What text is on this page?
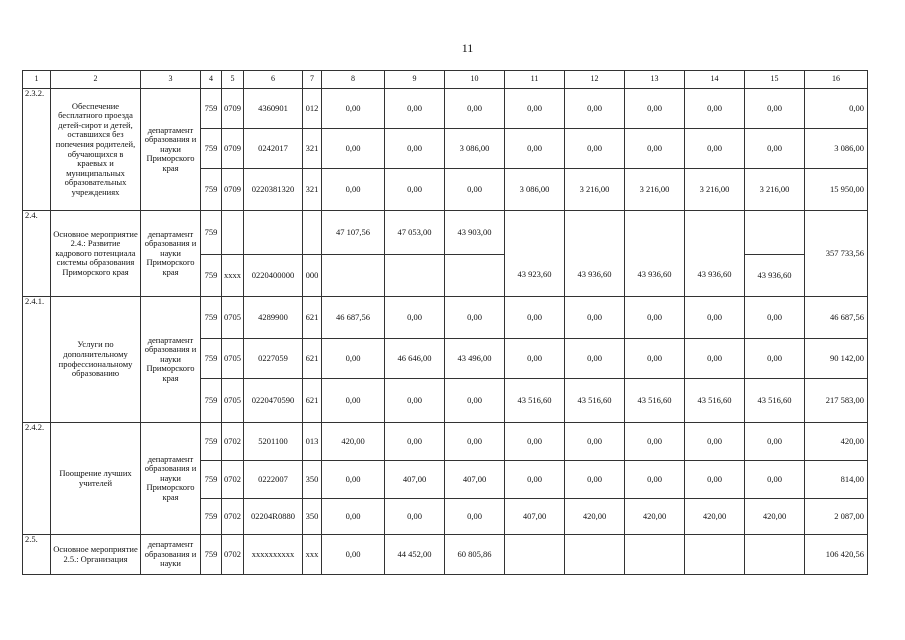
11
1	2	3	4	5	6	7	8	9	10	11	12	13	14	15	16
2.3.2.	Обеспечение бесплатного проезда детей-сирот и детей, оставшихся без попечения родителей, обучающихся в краевых и муниципальных образовательных учреждениях	департамент образования и науки Приморского края	759	0709	4360901	012	0,00	0,00	0,00	0,00	0,00	0,00	0,00	0,00	0,00
			759	0709	0242017	321	0,00	0,00	3 086,00	0,00	0,00	0,00	0,00	0,00	3 086,00
			759	0709	0220381320	321	0,00	0,00	0,00	3 086,00	3 216,00	3 216,00	3 216,00	3 216,00	15 950,00
2.4.	Основное мероприятие 2.4.: Развитие кадрового потенциала системы образования Приморского края	департамент образования и науки Приморского края	759				47 107,56	47 053,00	43 903,00						357 733,56
			759	хххх	0220400000	000				43 923,60	43 936,60	43 936,60	43 936,60	43 936,60	
2.4.1.	Услуги по дополнительному профессиональному образованию	департамент образования и науки Приморского края	759	0705	4289900	621	46 687,56	0,00	0,00	0,00	0,00	0,00	0,00	0,00	46 687,56
			759	0705	0227059	621	0,00	46 646,00	43 496,00	0,00	0,00	0,00	0,00	0,00	90 142,00
			759	0705	0220470590	621	0,00	0,00	0,00	43 516,60	43 516,60	43 516,60	43 516,60	43 516,60	217 583,00
2.4.2.	Поощрение лучших учителей	департамент образования и науки Приморского края	759	0702	5201100	013	420,00	0,00	0,00	0,00	0,00	0,00	0,00	0,00	420,00
			759	0702	0222007	350	0,00	407,00	407,00	0,00	0,00	0,00	0,00	0,00	814,00
			759	0702	02204R0880	350	0,00	0,00	0,00	407,00	420,00	420,00	420,00	420,00	2 087,00
2.5.	Основное мероприятие 2.5.: Организация	департамент образования и науки	759	0702	хххххххххх	ххх	0,00	44 452,00	60 805,86						106 420,56
